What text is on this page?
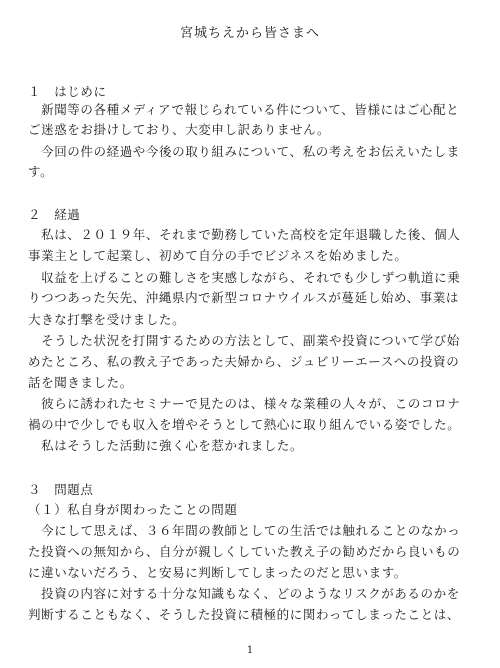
宮城ちえから皆さまへ
１　はじめに
　新聞等の各種メディアで報じられている件について、皆様にはご心配と
ご迷惑をお掛けしており、大変申し訳ありません。
　今回の件の経過や今後の取り組みについて、私の考えをお伝えいたしま
す。
２　経過
　私は、２０１９年、それまで勤務していた高校を定年退職した後、個人
事業主として起業し、初めて自分の手でビジネスを始めました。
　収益を上げることの難しさを実感しながら、それでも少しずつ軌道に乗
りつつあった矢先、沖縄県内で新型コロナウイルスが蔓延し始め、事業は
大きな打撃を受けました。
　そうした状況を打開するための方法として、副業や投資について学び始
めたところ、私の教え子であった夫婦から、ジュビリーエースへの投資の
話を聞きました。
　彼らに誘われたセミナーで見たのは、様々な業種の人々が、このコロナ
禍の中で少しでも収入を増やそうとして熱心に取り組んでいる姿でした。
　私はそうした活動に強く心を惹かれました。
３　問題点
（１）私自身が関わったことの問題
　今にして思えば、３６年間の教師としての生活では触れることのなかっ
た投資への無知から、自分が親しくしていた教え子の勧めだから良いもの
に違いないだろう、と安易に判断してしまったのだと思います。
　投資の内容に対する十分な知識もなく、どのようなリスクがあるのかを
判断することもなく、そうした投資に積極的に関わってしまったことは、
1
